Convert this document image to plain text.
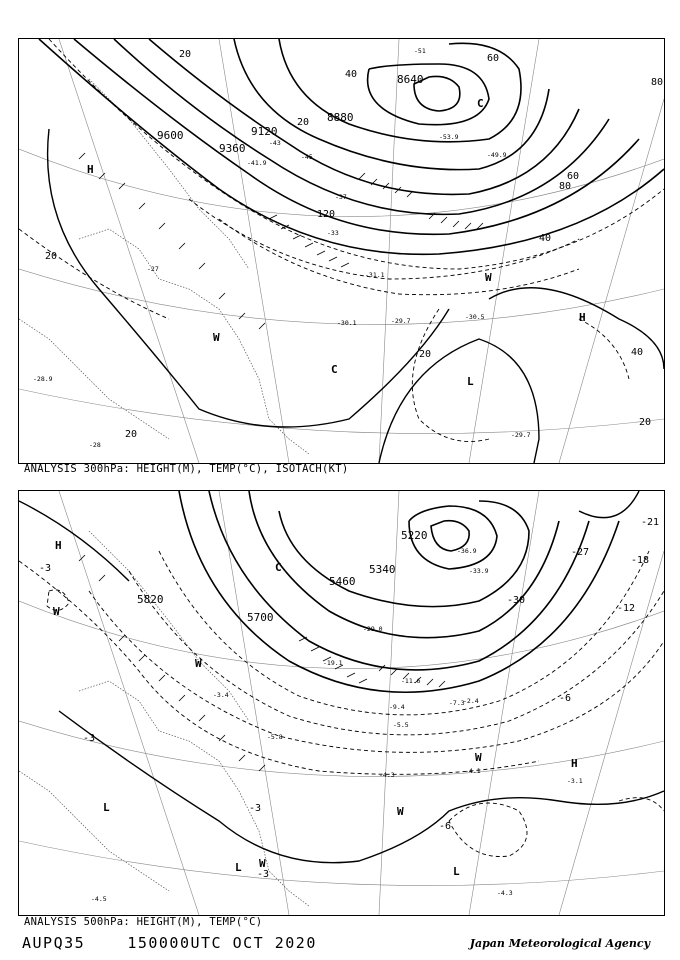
9600
9360
9120
8880
8640
20
40
60
80
120
40
60
80
20
20
20
20
40
20
H
H
L
C
C
W
W
-53.9
-51
-49.9
-45
-43
-41.9
-37
-33
-31.1
-30.5
-29.7
-28.9
-28
-27
-29.7
-30.1
ANALYSIS 300hPa: HEIGHT(M), TEMP(°C), ISOTACH(KT)
5820
5700
5460
5340
5220
-21
-18
-30
-27
-12
-6
-3
-3
-3
-6
-3
H
H
L
L	L
C
W
W
W
W
W
-33.9
-36.9
-29.0
-19.1
-11.6
-9.4	-7.3
-5.5
-5.8
-4.3	-4.1
-3.1
-4.3
-3.4
-2.4
-4.5
ANALYSIS 500hPa: HEIGHT(M), TEMP(°C)
AUPQ35	150000UTC OCT 2020	Japan Meteorological Agency
